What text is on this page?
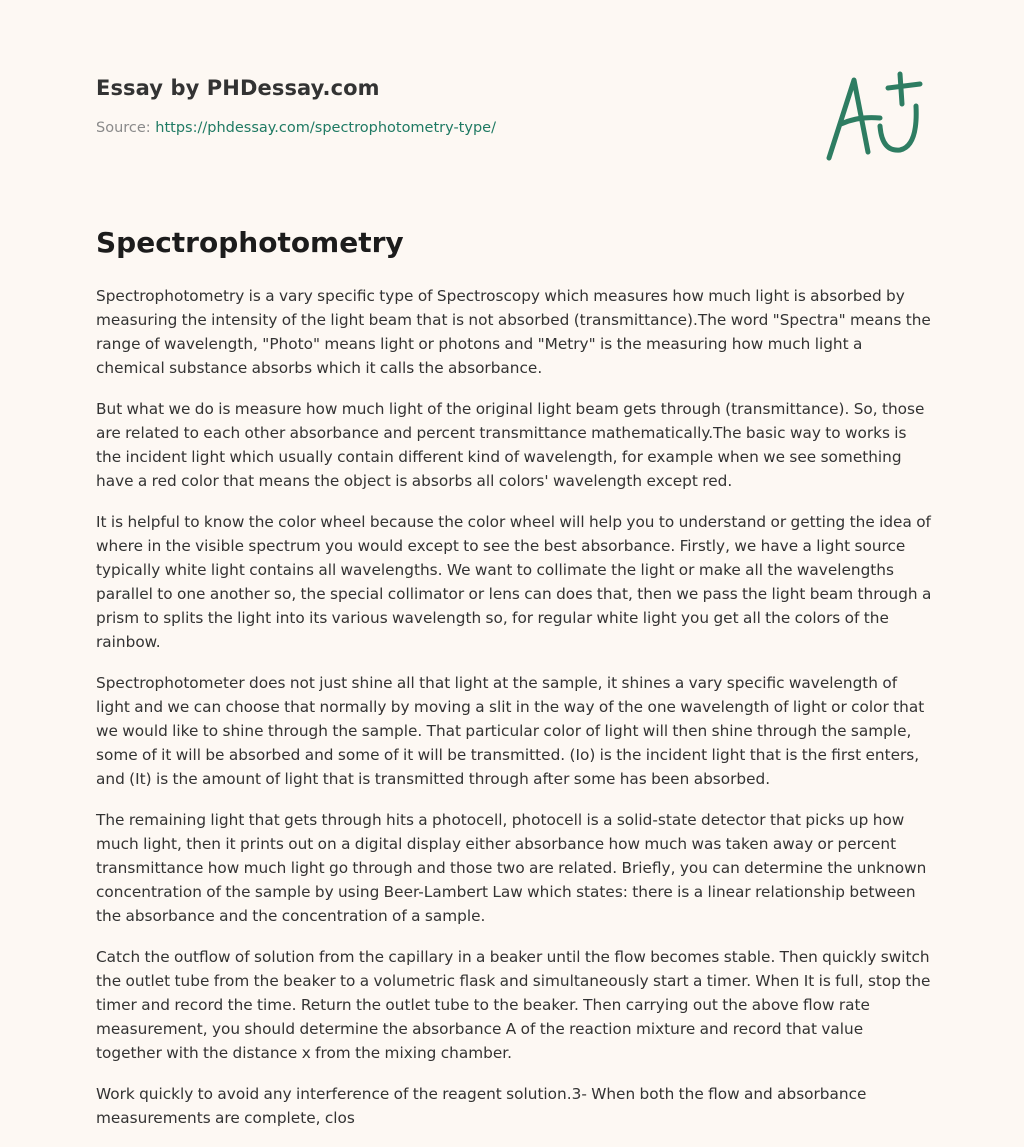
Essay by PHDessay.com
Source: https://phdessay.com/spectrophotometry-type/
Spectrophotometry

Spectrophotometry is a vary specific type of Spectroscopy which measures how much light is absorbed by measuring the intensity of the light beam that is not absorbed (transmittance).The word "Spectra" means the range of wavelength, "Photo" means light or photons and "Metry" is the measuring how much light a chemical substance absorbs which it calls the absorbance.

But what we do is measure how much light of the original light beam gets through (transmittance). So, those are related to each other absorbance and percent transmittance mathematically.The basic way to works is the incident light which usually contain different kind of wavelength, for example when we see something have a red color that means the object is absorbs all colors' wavelength except red.

It is helpful to know the color wheel because the color wheel will help you to understand or getting the idea of where in the visible spectrum you would except to see the best absorbance. Firstly, we have a light source typically white light contains all wavelengths. We want to collimate the light or make all the wavelengths parallel to one another so, the special collimator or lens can does that, then we pass the light beam through a prism to splits the light into its various wavelength so, for regular white light you get all the colors of the rainbow.

Spectrophotometer does not just shine all that light at the sample, it shines a vary specific wavelength of light and we can choose that normally by moving a slit in the way of the one wavelength of light or color that we would like to shine through the sample. That particular color of light will then shine through the sample, some of it will be absorbed and some of it will be transmitted. (Io) is the incident light that is the first enters, and (It) is the amount of light that is transmitted through after some has been absorbed.

The remaining light that gets through hits a photocell, photocell is a solid-state detector that picks up how much light, then it prints out on a digital display either absorbance how much was taken away or percent transmittance how much light go through and those two are related. Briefly, you can determine the unknown concentration of the sample by using Beer-Lambert Law which states: there is a linear relationship between the absorbance and the concentration of a sample.

Catch the outflow of solution from the capillary in a beaker until the flow becomes stable. Then quickly switch the outlet tube from the beaker to a volumetric flask and simultaneously start a timer. When It is full, stop the timer and record the time. Return the outlet tube to the beaker. Then carrying out the above flow rate measurement, you should determine the absorbance A of the reaction mixture and record that value together with the distance x from the mixing chamber.

Work quickly to avoid any interference of the reagent solution.3- When both the flow and absorbance measurements are complete, clos
